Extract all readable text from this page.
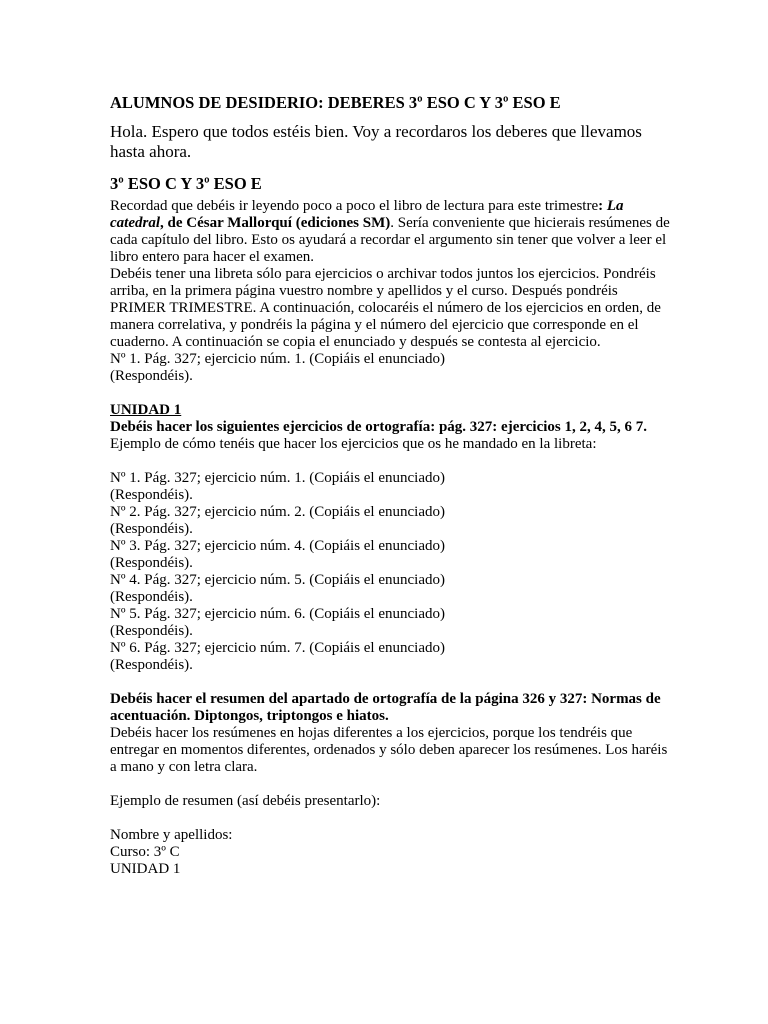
ALUMNOS DE DESIDERIO: DEBERES 3º ESO C Y 3º ESO E

Hola. Espero que todos estéis bien. Voy a recordaros los deberes que llevamos hasta ahora.

3º ESO C Y 3º ESO E

Recordad que debéis ir leyendo poco a poco el libro de lectura para este trimestre: La catedral, de César Mallorquí (ediciones SM). Sería conveniente que hicierais resúmenes de cada capítulo del libro. Esto os ayudará a recordar el argumento sin tener que volver a leer el libro entero para hacer el examen.

Debéis tener una libreta sólo para ejercicios o archivar todos juntos los ejercicios. Pondréis arriba, en la primera página vuestro nombre y apellidos y el curso. Después pondréis PRIMER TRIMESTRE. A continuación, colocaréis el número de los ejercicios en orden, de manera correlativa, y pondréis la página y el número del ejercicio que corresponde en el cuaderno. A continuación se copia el enunciado y después se contesta al ejercicio.

Nº 1. Pág. 327; ejercicio núm. 1. (Copiáis el enunciado)

(Respondéis).

UNIDAD 1

Debéis hacer los siguientes ejercicios de ortografía: pág. 327: ejercicios 1, 2, 4, 5, 6 7.

Ejemplo de cómo tenéis que hacer los ejercicios que os he mandado en la libreta:

Nº 1. Pág. 327; ejercicio núm. 1. (Copiáis el enunciado)

(Respondéis).

Nº 2. Pág. 327; ejercicio núm. 2. (Copiáis el enunciado)

(Respondéis).

Nº 3. Pág. 327; ejercicio núm. 4. (Copiáis el enunciado)

(Respondéis).

Nº 4. Pág. 327; ejercicio núm. 5. (Copiáis el enunciado)

(Respondéis).

Nº 5. Pág. 327; ejercicio núm. 6. (Copiáis el enunciado)

(Respondéis).

Nº 6. Pág. 327; ejercicio núm. 7. (Copiáis el enunciado)

(Respondéis).

Debéis hacer el resumen del apartado de ortografía de la página 326 y 327: Normas de acentuación. Diptongos, triptongos e hiatos.

Debéis hacer los resúmenes en hojas diferentes a los ejercicios, porque los tendréis que entregar en momentos diferentes, ordenados y sólo deben aparecer los resúmenes. Los haréis a mano y con letra clara.

Ejemplo de resumen (así debéis presentarlo):

Nombre y apellidos:

Curso: 3º C

UNIDAD 1
